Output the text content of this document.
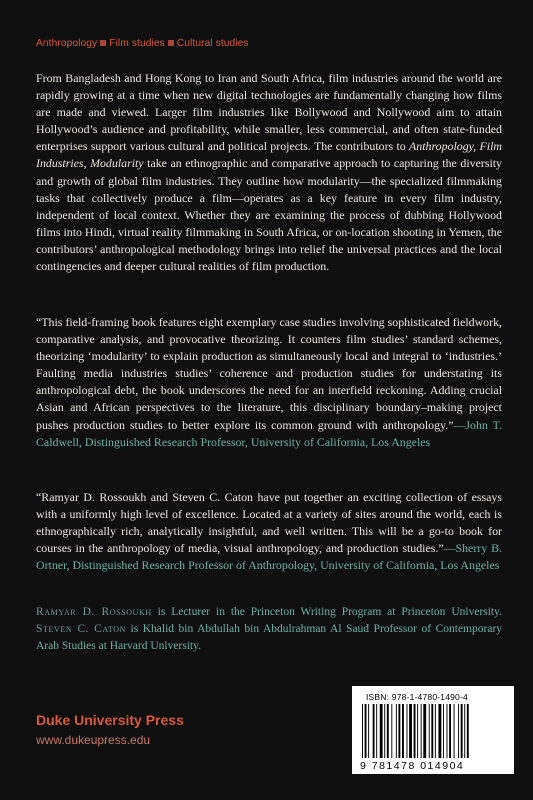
Anthropology Film studies Cultural studies

From Bangladesh and Hong Kong to Iran and South Africa, film industries around the world are rapidly growing at a time when new digital technologies are fundamentally changing how films are made and viewed. Larger film industries like Bollywood and Nollywood aim to attain Hollywood’s audience and profitability, while smaller, less commercial, and often state-funded enterprises support various cultural and political projects. The contributors to Anthropology, Film Industries, Modularity take an ethnographic and comparative approach to capturing the diversity and growth of global film industries. They outline how modularity—the specialized filmmaking tasks that collectively produce a film—operates as a key feature in every film industry, independent of local context. Whether they are examining the process of dubbing Hollywood films into Hindi, virtual reality filmmaking in South Africa, or on-location shooting in Yemen, the contributors’ anthropological methodology brings into relief the universal practices and the local contingencies and deeper cultural realities of film production.

“This field-framing book features eight exemplary case studies involving sophisticated fieldwork, comparative analysis, and provocative theorizing. It counters film studies’ standard schemes, theorizing ‘modularity’ to explain production as simultaneously local and integral to ‘industries.’ Faulting media industries studies’ coherence and production studies for understating its anthropological debt, the book underscores the need for an interfield reckoning. Adding crucial Asian and African perspectives to the literature, this disciplinary boundary–making project pushes production studies to better explore its common ground with anthropology.”—John T. Caldwell, Distinguished Research Professor, University of California, Los Angeles

“Ramyar D. Rossoukh and Steven C. Caton have put together an exciting collection of essays with a uniformly high level of excellence. Located at a variety of sites around the world, each is ethnographically rich, analytically insightful, and well written. This will be a go-to book for courses in the anthropology of media, visual anthropology, and production studies.”—Sherry B. Ortner, Distinguished Research Professor of Anthropology, University of California, Los Angeles

Ramyar D. Rossoukh is Lecturer in the Princeton Writing Program at Princeton University. Steven C. Caton is Khalid bin Abdullah bin Abdulrahman Al Saud Professor of Contemporary Arab Studies at Harvard University.

Duke University Press
www.dukeupress.edu
ISBN: 978-1-4780-1490-4
9 781478 014904
